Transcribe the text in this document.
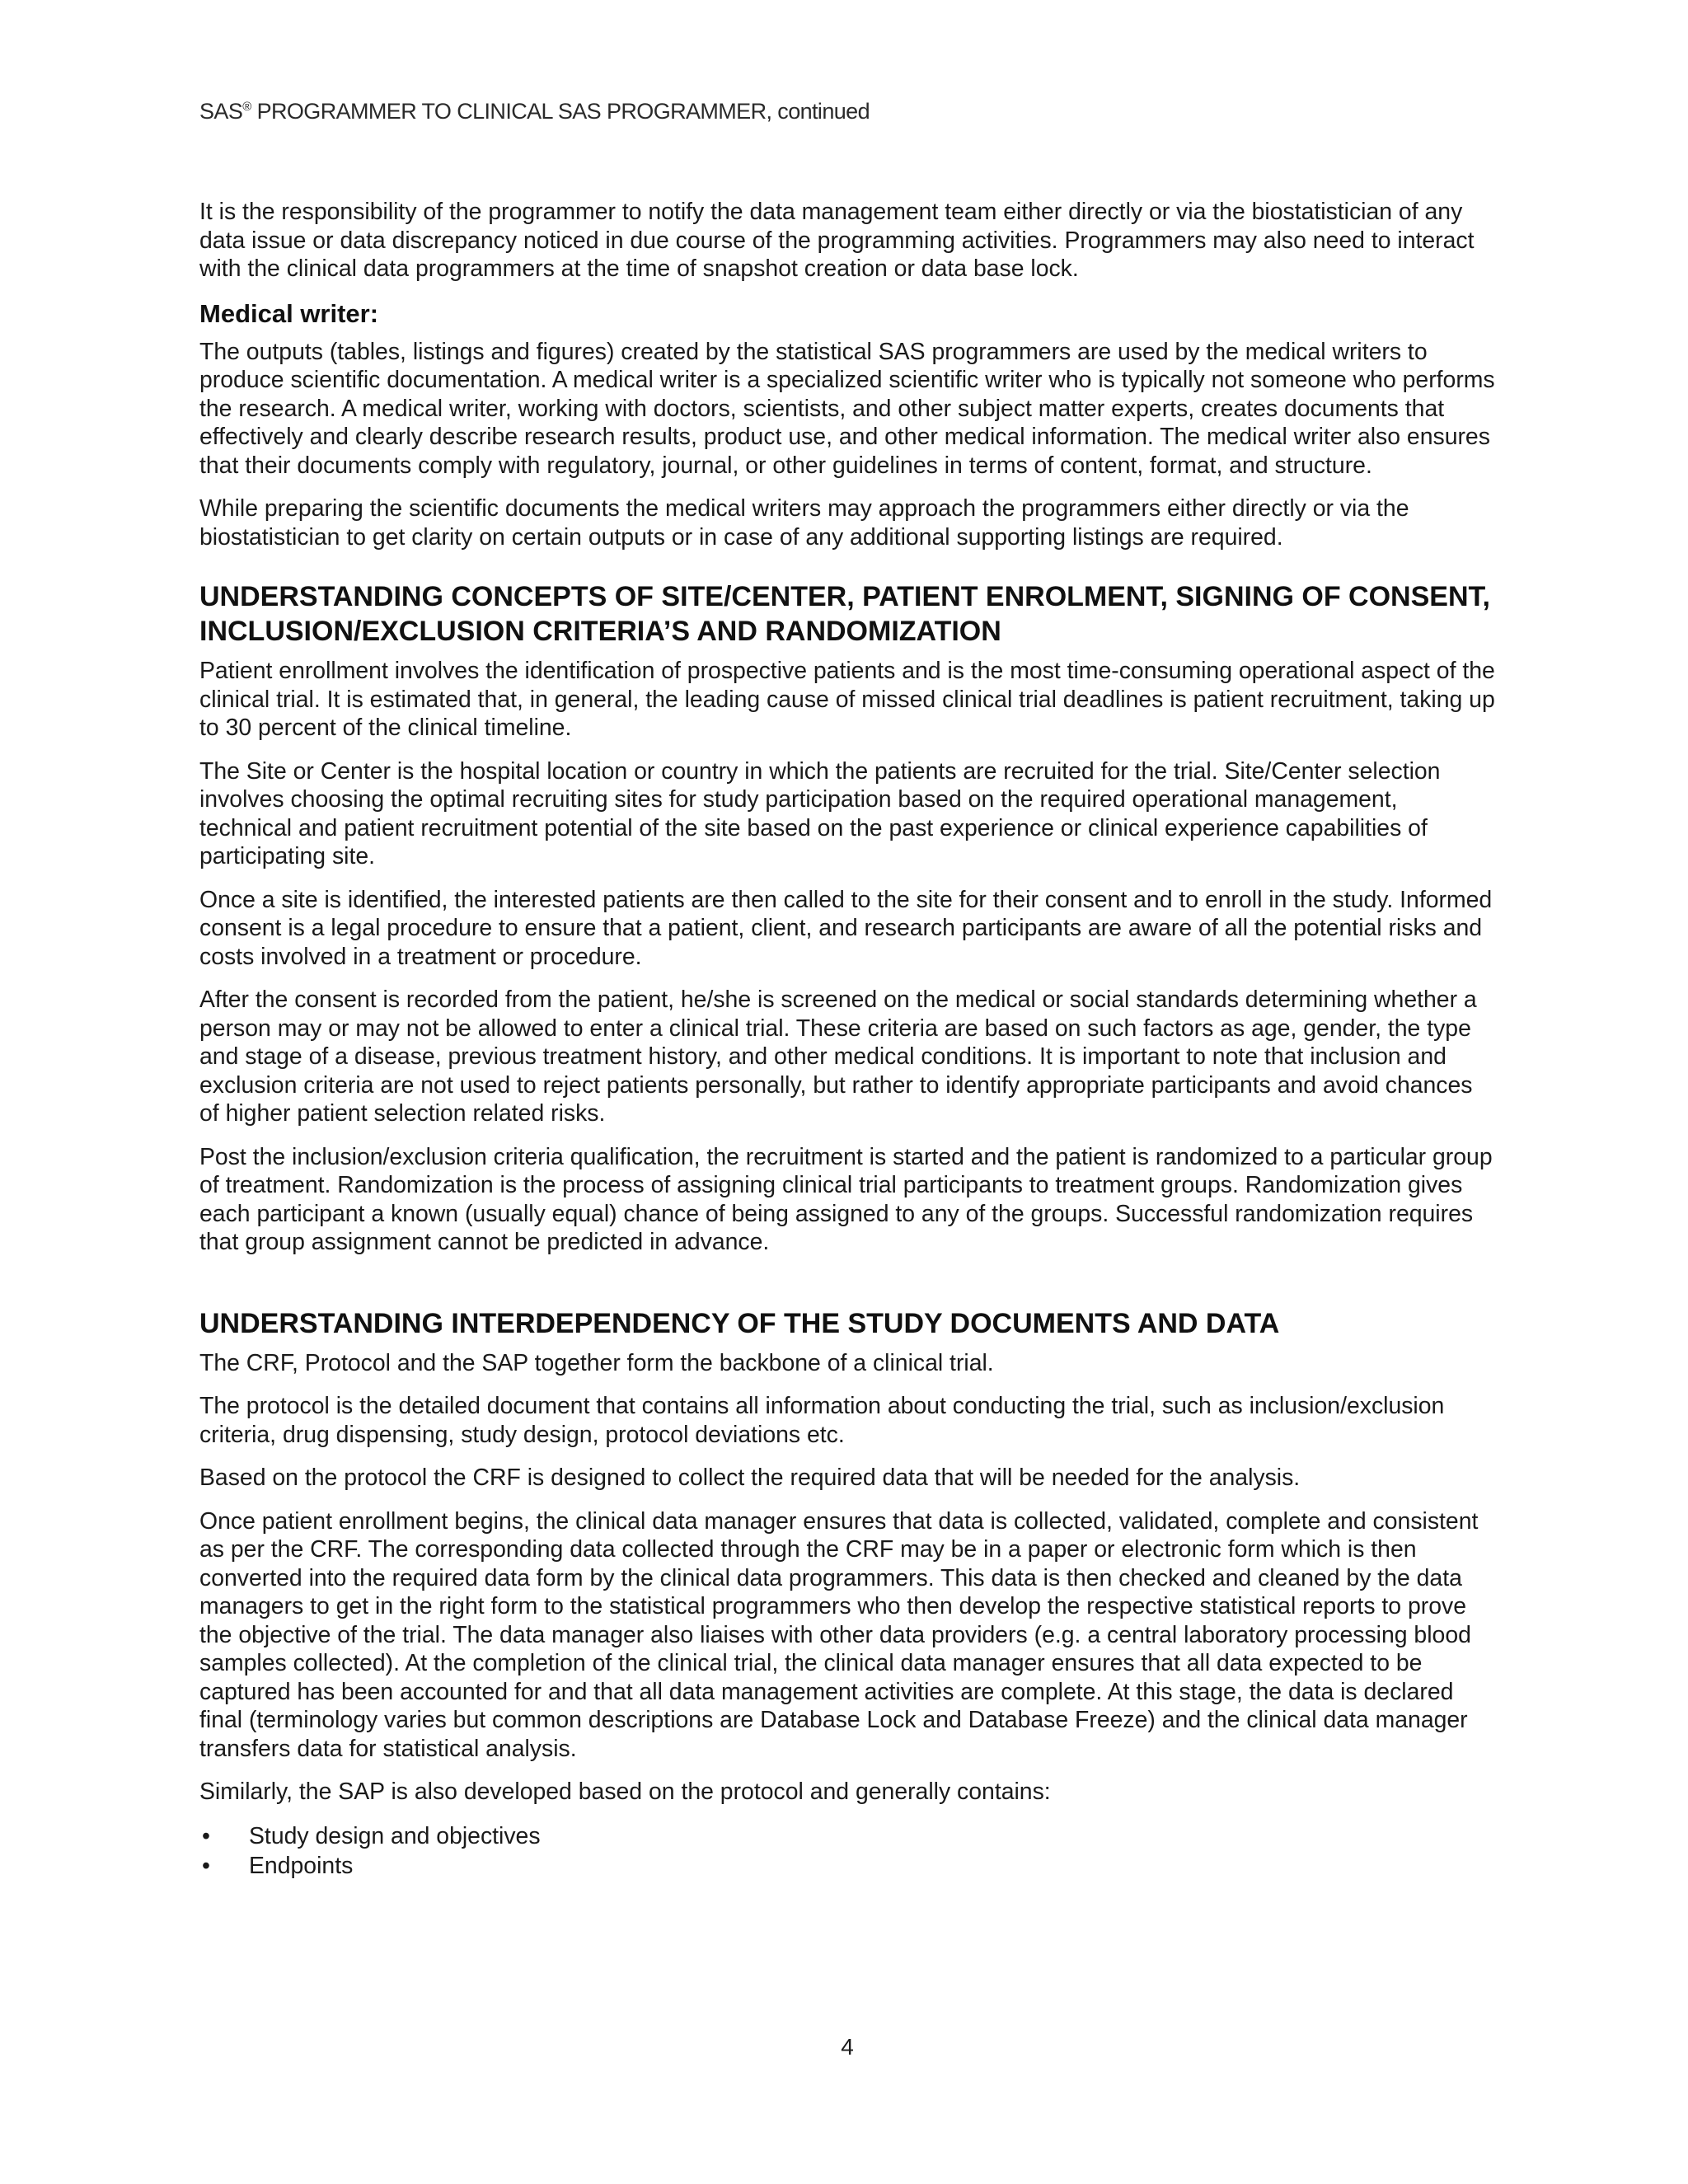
SAS® PROGRAMMER TO CLINICAL SAS PROGRAMMER, continued

It is the responsibility of the programmer to notify the data management team either directly or via the biostatistician of any data issue or data discrepancy noticed in due course of the programming activities. Programmers may also need to interact with the clinical data programmers at the time of snapshot creation or data base lock.

Medical writer:

The outputs (tables, listings and figures) created by the statistical SAS programmers are used by the medical writers to produce scientific documentation. A medical writer is a specialized scientific writer who is typically not someone who performs the research. A medical writer, working with doctors, scientists, and other subject matter experts, creates documents that effectively and clearly describe research results, product use, and other medical information. The medical writer also ensures that their documents comply with regulatory, journal, or other guidelines in terms of content, format, and structure.

While preparing the scientific documents the medical writers may approach the programmers either directly or via the biostatistician to get clarity on certain outputs or in case of any additional supporting listings are required.

UNDERSTANDING CONCEPTS OF SITE/CENTER, PATIENT ENROLMENT, SIGNING OF CONSENT, INCLUSION/EXCLUSION CRITERIA’S AND RANDOMIZATION

Patient enrollment involves the identification of prospective patients and is the most time-consuming operational aspect of the clinical trial. It is estimated that, in general, the leading cause of missed clinical trial deadlines is patient recruitment, taking up to 30 percent of the clinical timeline.

The Site or Center is the hospital location or country in which the patients are recruited for the trial. Site/Center selection involves choosing the optimal recruiting sites for study participation based on the required operational management, technical and patient recruitment potential of the site based on the past experience or clinical experience capabilities of participating site.

Once a site is identified, the interested patients are then called to the site for their consent and to enroll in the study. Informed consent is a legal procedure to ensure that a patient, client, and research participants are aware of all the potential risks and costs involved in a treatment or procedure.

After the consent is recorded from the patient, he/she is screened on the medical or social standards determining whether a person may or may not be allowed to enter a clinical trial. These criteria are based on such factors as age, gender, the type and stage of a disease, previous treatment history, and other medical conditions. It is important to note that inclusion and exclusion criteria are not used to reject patients personally, but rather to identify appropriate participants and avoid chances of higher patient selection related risks.

Post the inclusion/exclusion criteria qualification, the recruitment is started and the patient is randomized to a particular group of treatment. Randomization is the process of assigning clinical trial participants to treatment groups. Randomization gives each participant a known (usually equal) chance of being assigned to any of the groups. Successful randomization requires that group assignment cannot be predicted in advance.

UNDERSTANDING INTERDEPENDENCY OF THE STUDY DOCUMENTS AND DATA

The CRF, Protocol and the SAP together form the backbone of a clinical trial.

The protocol is the detailed document that contains all information about conducting the trial, such as inclusion/exclusion criteria, drug dispensing, study design, protocol deviations etc.

Based on the protocol the CRF is designed to collect the required data that will be needed for the analysis.

Once patient enrollment begins, the clinical data manager ensures that data is collected, validated, complete and consistent as per the CRF. The corresponding data collected through the CRF may be in a paper or electronic form which is then converted into the required data form by the clinical data programmers. This data is then checked and cleaned by the data managers to get in the right form to the statistical programmers who then develop the respective statistical reports to prove the objective of the trial. The data manager also liaises with other data providers (e.g. a central laboratory processing blood samples collected). At the completion of the clinical trial, the clinical data manager ensures that all data expected to be captured has been accounted for and that all data management activities are complete. At this stage, the data is declared final (terminology varies but common descriptions are Database Lock and Database Freeze) and the clinical data manager transfers data for statistical analysis.

Similarly, the SAP is also developed based on the protocol and generally contains:

• Study design and objectives
• Endpoints
4
